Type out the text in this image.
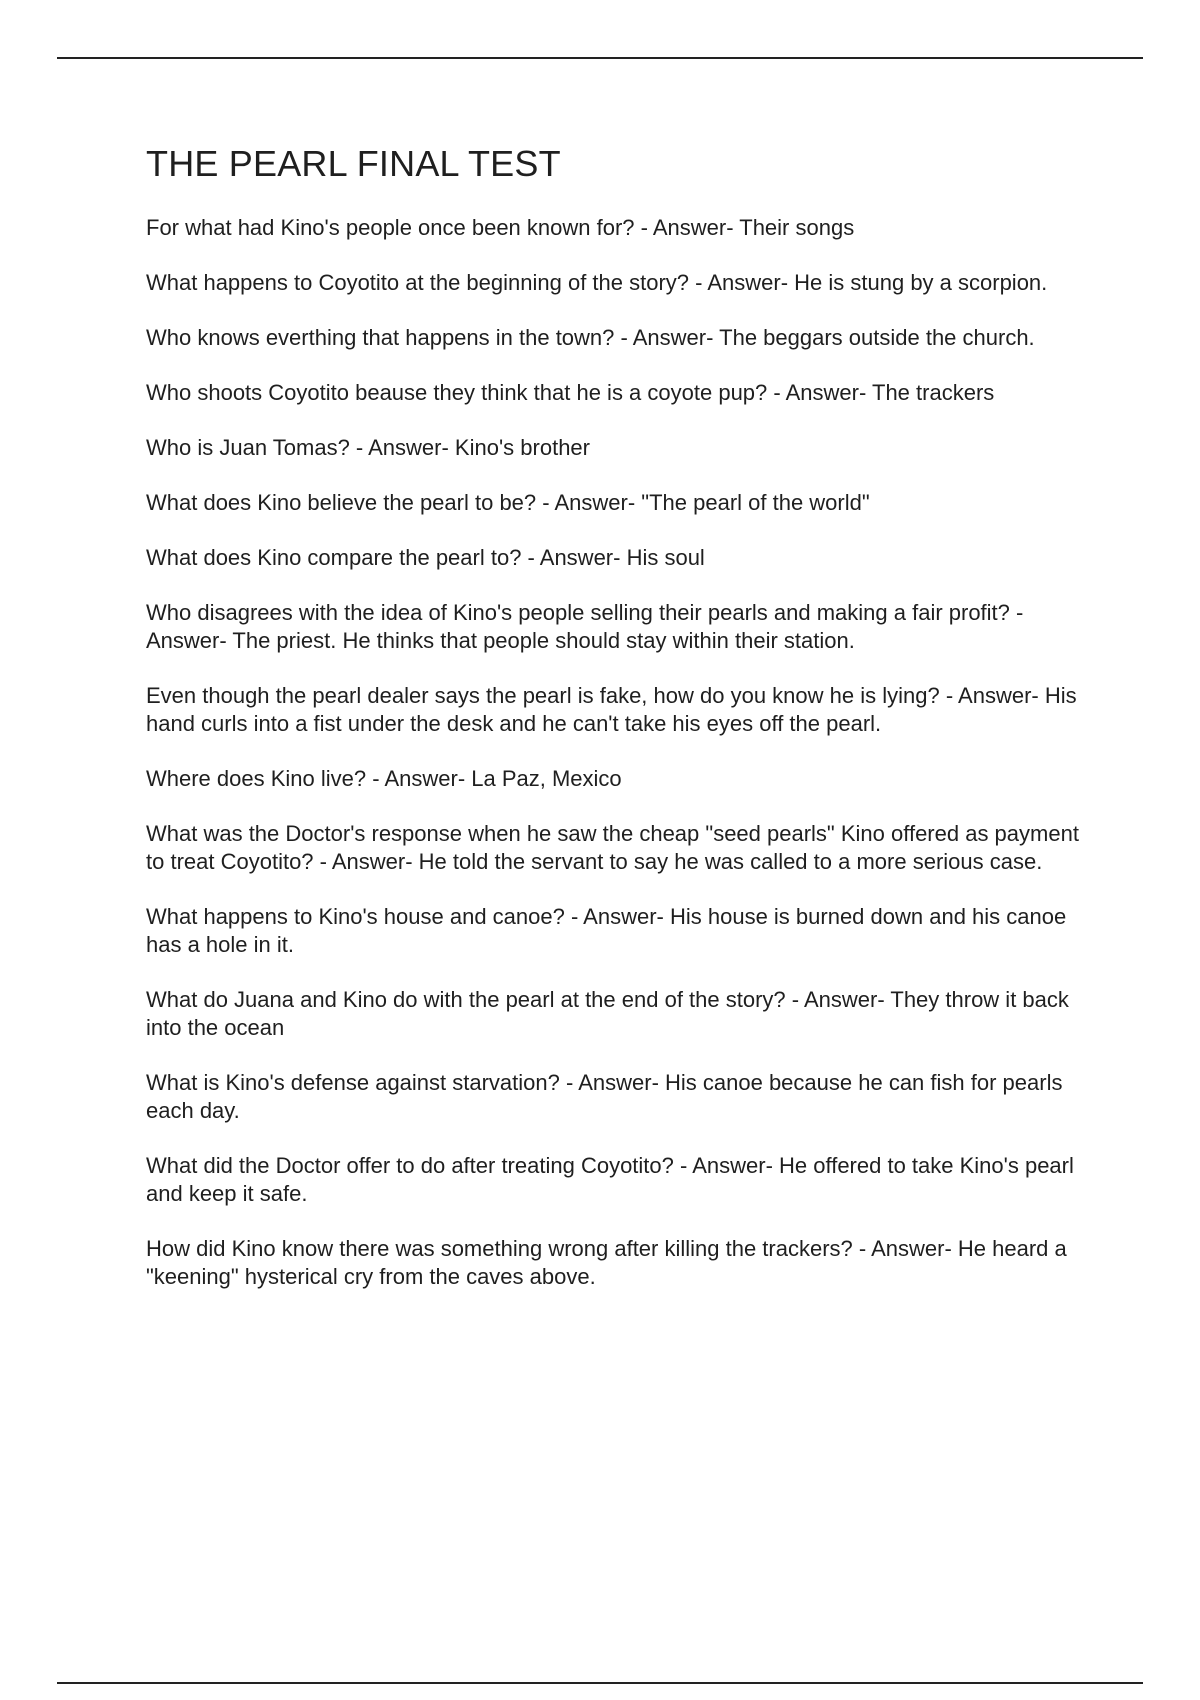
THE PEARL FINAL TEST
For what had Kino's people once been known for? - Answer- Their songs
What happens to Coyotito at the beginning of the story? - Answer- He is stung by a scorpion.
Who knows everthing that happens in the town? - Answer- The beggars outside the church.
Who shoots Coyotito beause they think that he is a coyote pup? - Answer- The trackers
Who is Juan Tomas? - Answer- Kino's brother
What does Kino believe the pearl to be? - Answer- "The pearl of the world"
What does Kino compare the pearl to? - Answer- His soul
Who disagrees with the idea of Kino's people selling their pearls and making a fair profit? - Answer- The priest. He thinks that people should stay within their station.
Even though the pearl dealer says the pearl is fake, how do you know he is lying? - Answer- His hand curls into a fist under the desk and he can't take his eyes off the pearl.
Where does Kino live? - Answer- La Paz, Mexico
What was the Doctor's response when he saw the cheap "seed pearls" Kino offered as payment to treat Coyotito? - Answer- He told the servant to say he was called to a more serious case.
What happens to Kino's house and canoe? - Answer- His house is burned down and his canoe has a hole in it.
What do Juana and Kino do with the pearl at the end of the story? - Answer- They throw it back into the ocean
What is Kino's defense against starvation? - Answer- His canoe because he can fish for pearls each day.
What did the Doctor offer to do after treating Coyotito? - Answer- He offered to take Kino's pearl and keep it safe.
How did Kino know there was something wrong after killing the trackers? - Answer- He heard a "keening" hysterical cry from the caves above.
